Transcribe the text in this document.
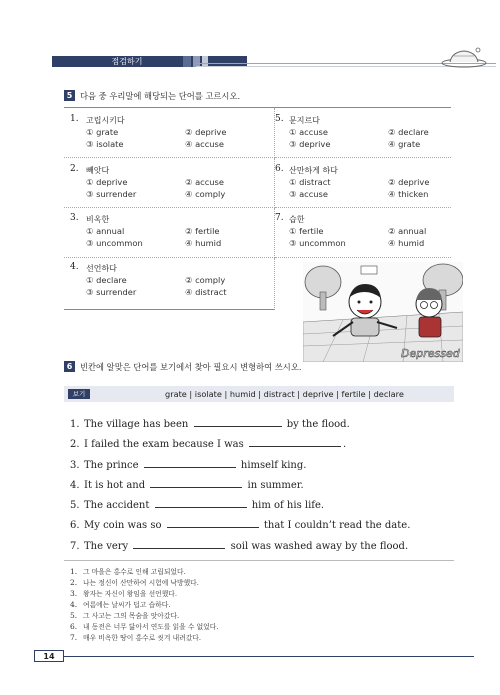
점검하기
5 다음 중 우리말에 해당되는 단어를 고르시오.
1. 고립시키다
① grate	② deprive
③ isolate	④ accuse
2. 빼앗다
① deprive	② accuse
③ surrender	④ comply
3. 비옥한
① annual	② fertile
③ uncommon	④ humid
4. 선언하다
① declare	② comply
③ surrender	④ distract
5. 문지르다
① accuse	② declare
③ deprive	④ grate
6. 산만하게 하다
① distract	② deprive
③ accuse	④ thicken
7. 습한
① fertile	② annual
③ uncommon	④ humid
Depressed
6 빈칸에 알맞은 단어를 보기에서 찾아 필요시 변형하여 쓰시오.
보기	grate | isolate | humid | distract | deprive | fertile | declare
1. The village has been	by the flood.
2. I failed the exam because I was	.
3. The prince	himself king.
4. It is hot and	in summer.
5. The accident	him of his life.
6. My coin was so	that I couldn’t read the date.
7. The very	soil was washed away by the flood.
1. 그 마을은 홍수로 인해 고립되었다.
2. 나는 정신이 산만하여 시험에 낙방했다.
3. 왕자는 자신이 왕임을 선언했다.
4. 여름에는 날씨가 덥고 습하다.
5. 그 사고는 그의 목숨을 앗아갔다.
6. 내 동전은 너무 닳아서 연도를 읽을 수 없었다.
7. 매우 비옥한 땅이 홍수로 씻겨 내려갔다.
14
